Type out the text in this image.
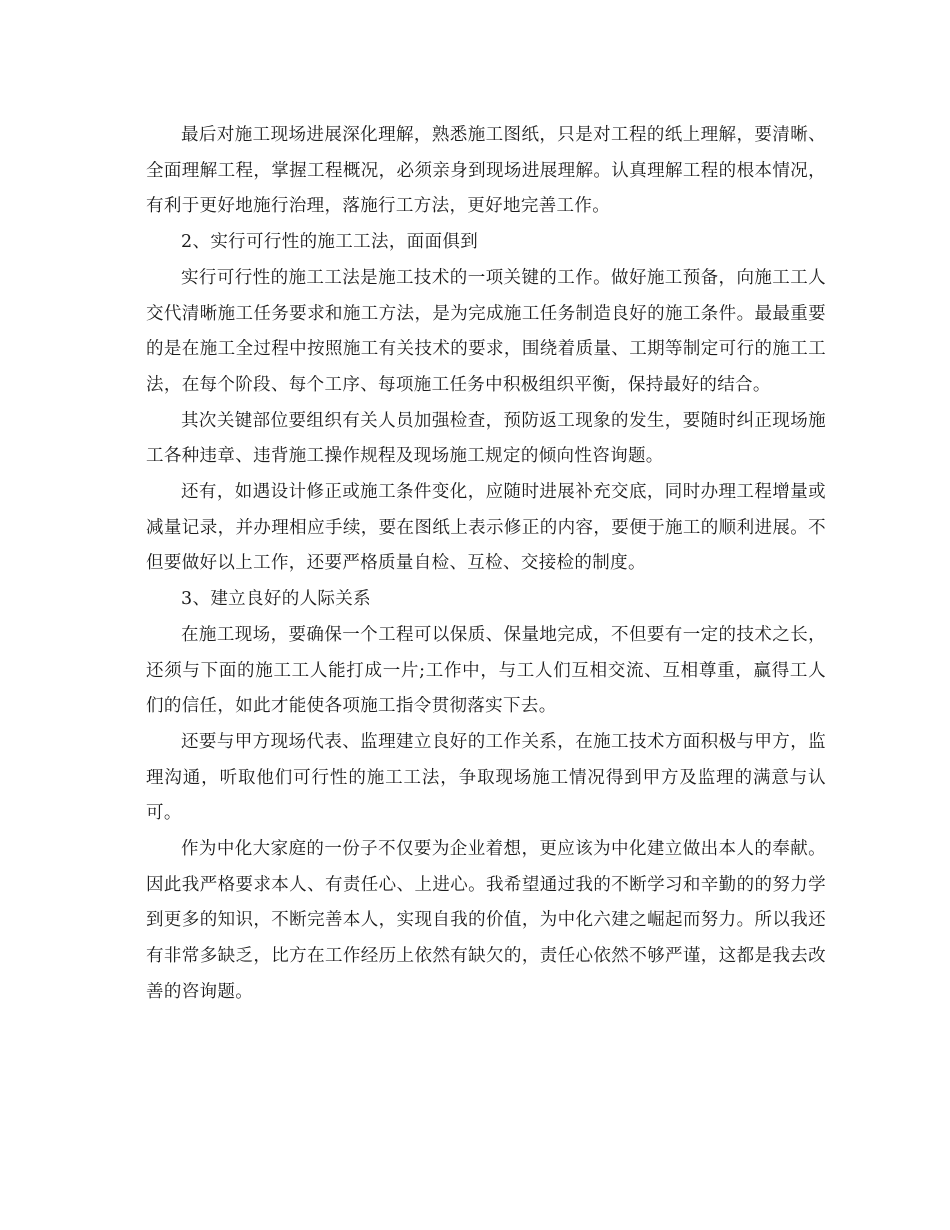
最后对施工现场进展深化理解，熟悉施工图纸，只是对工程的纸上理解，要清晰、全面理解工程，掌握工程概况，必须亲身到现场进展理解。认真理解工程的根本情况，有利于更好地施行治理，落施行工方法，更好地完善工作。

2、实行可行性的施工工法，面面俱到

实行可行性的施工工法是施工技术的一项关键的工作。做好施工预备，向施工工人交代清晰施工任务要求和施工方法，是为完成施工任务制造良好的施工条件。最最重要的是在施工全过程中按照施工有关技术的要求，围绕着质量、工期等制定可行的施工工法，在每个阶段、每个工序、每项施工任务中积极组织平衡，保持最好的结合。

其次关键部位要组织有关人员加强检查，预防返工现象的发生，要随时纠正现场施工各种违章、违背施工操作规程及现场施工规定的倾向性咨询题。

还有，如遇设计修正或施工条件变化，应随时进展补充交底，同时办理工程增量或减量记录，并办理相应手续，要在图纸上表示修正的内容，要便于施工的顺利进展。不但要做好以上工作，还要严格质量自检、互检、交接检的制度。

3、建立良好的人际关系

在施工现场，要确保一个工程可以保质、保量地完成，不但要有一定的技术之长，还须与下面的施工工人能打成一片;工作中，与工人们互相交流、互相尊重，赢得工人们的信任，如此才能使各项施工指令贯彻落实下去。

还要与甲方现场代表、监理建立良好的工作关系，在施工技术方面积极与甲方，监理沟通，听取他们可行性的施工工法，争取现场施工情况得到甲方及监理的满意与认可。

作为中化大家庭的一份子不仅要为企业着想，更应该为中化建立做出本人的奉献。因此我严格要求本人、有责任心、上进心。我希望通过我的不断学习和辛勤的的努力学到更多的知识，不断完善本人，实现自我的价值，为中化六建之崛起而努力。所以我还有非常多缺乏，比方在工作经历上依然有缺欠的，责任心依然不够严谨，这都是我去改善的咨询题。
